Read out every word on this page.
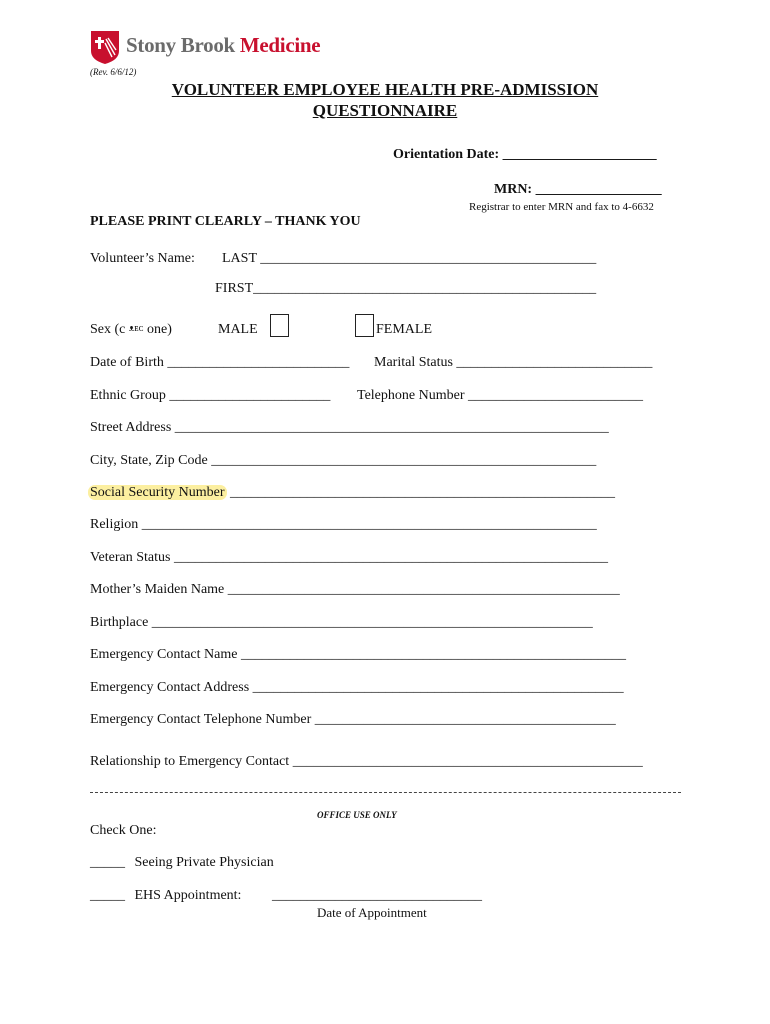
Stony Brook Medicine
(Rev. 6/6/12)
VOLUNTEER EMPLOYEE HEALTH PRE-ADMISSION
QUESTIONNAIRE
Orientation Date: ______________________
MRN: __________________
Registrar to enter MRN and fax to 4-6632
PLEASE PRINT CLEARLY – THANK YOU
Volunteer’s Name: LAST ________________________________________________
FIRST_________________________________________________
Sex (c ᴥᴇᴄ one)	MALE	FEMALE
Date of Birth __________________________ Marital Status ____________________________
Ethnic Group _______________________ Telephone Number _________________________
Street Address ______________________________________________________________
City, State, Zip Code _______________________________________________________
Social Security Number _______________________________________________________
Religion _________________________________________________________________
Veteran Status ______________________________________________________________
Mother’s Maiden Name ________________________________________________________
Birthplace _______________________________________________________________
Emergency Contact Name _______________________________________________________
Emergency Contact Address _____________________________________________________
Emergency Contact Telephone Number ___________________________________________
Relationship to Emergency Contact __________________________________________________
OFFICE USE ONLY
Check One:
_____ Seeing Private Physician
_____ EHS Appointment: ______________________________
Date of Appointment
